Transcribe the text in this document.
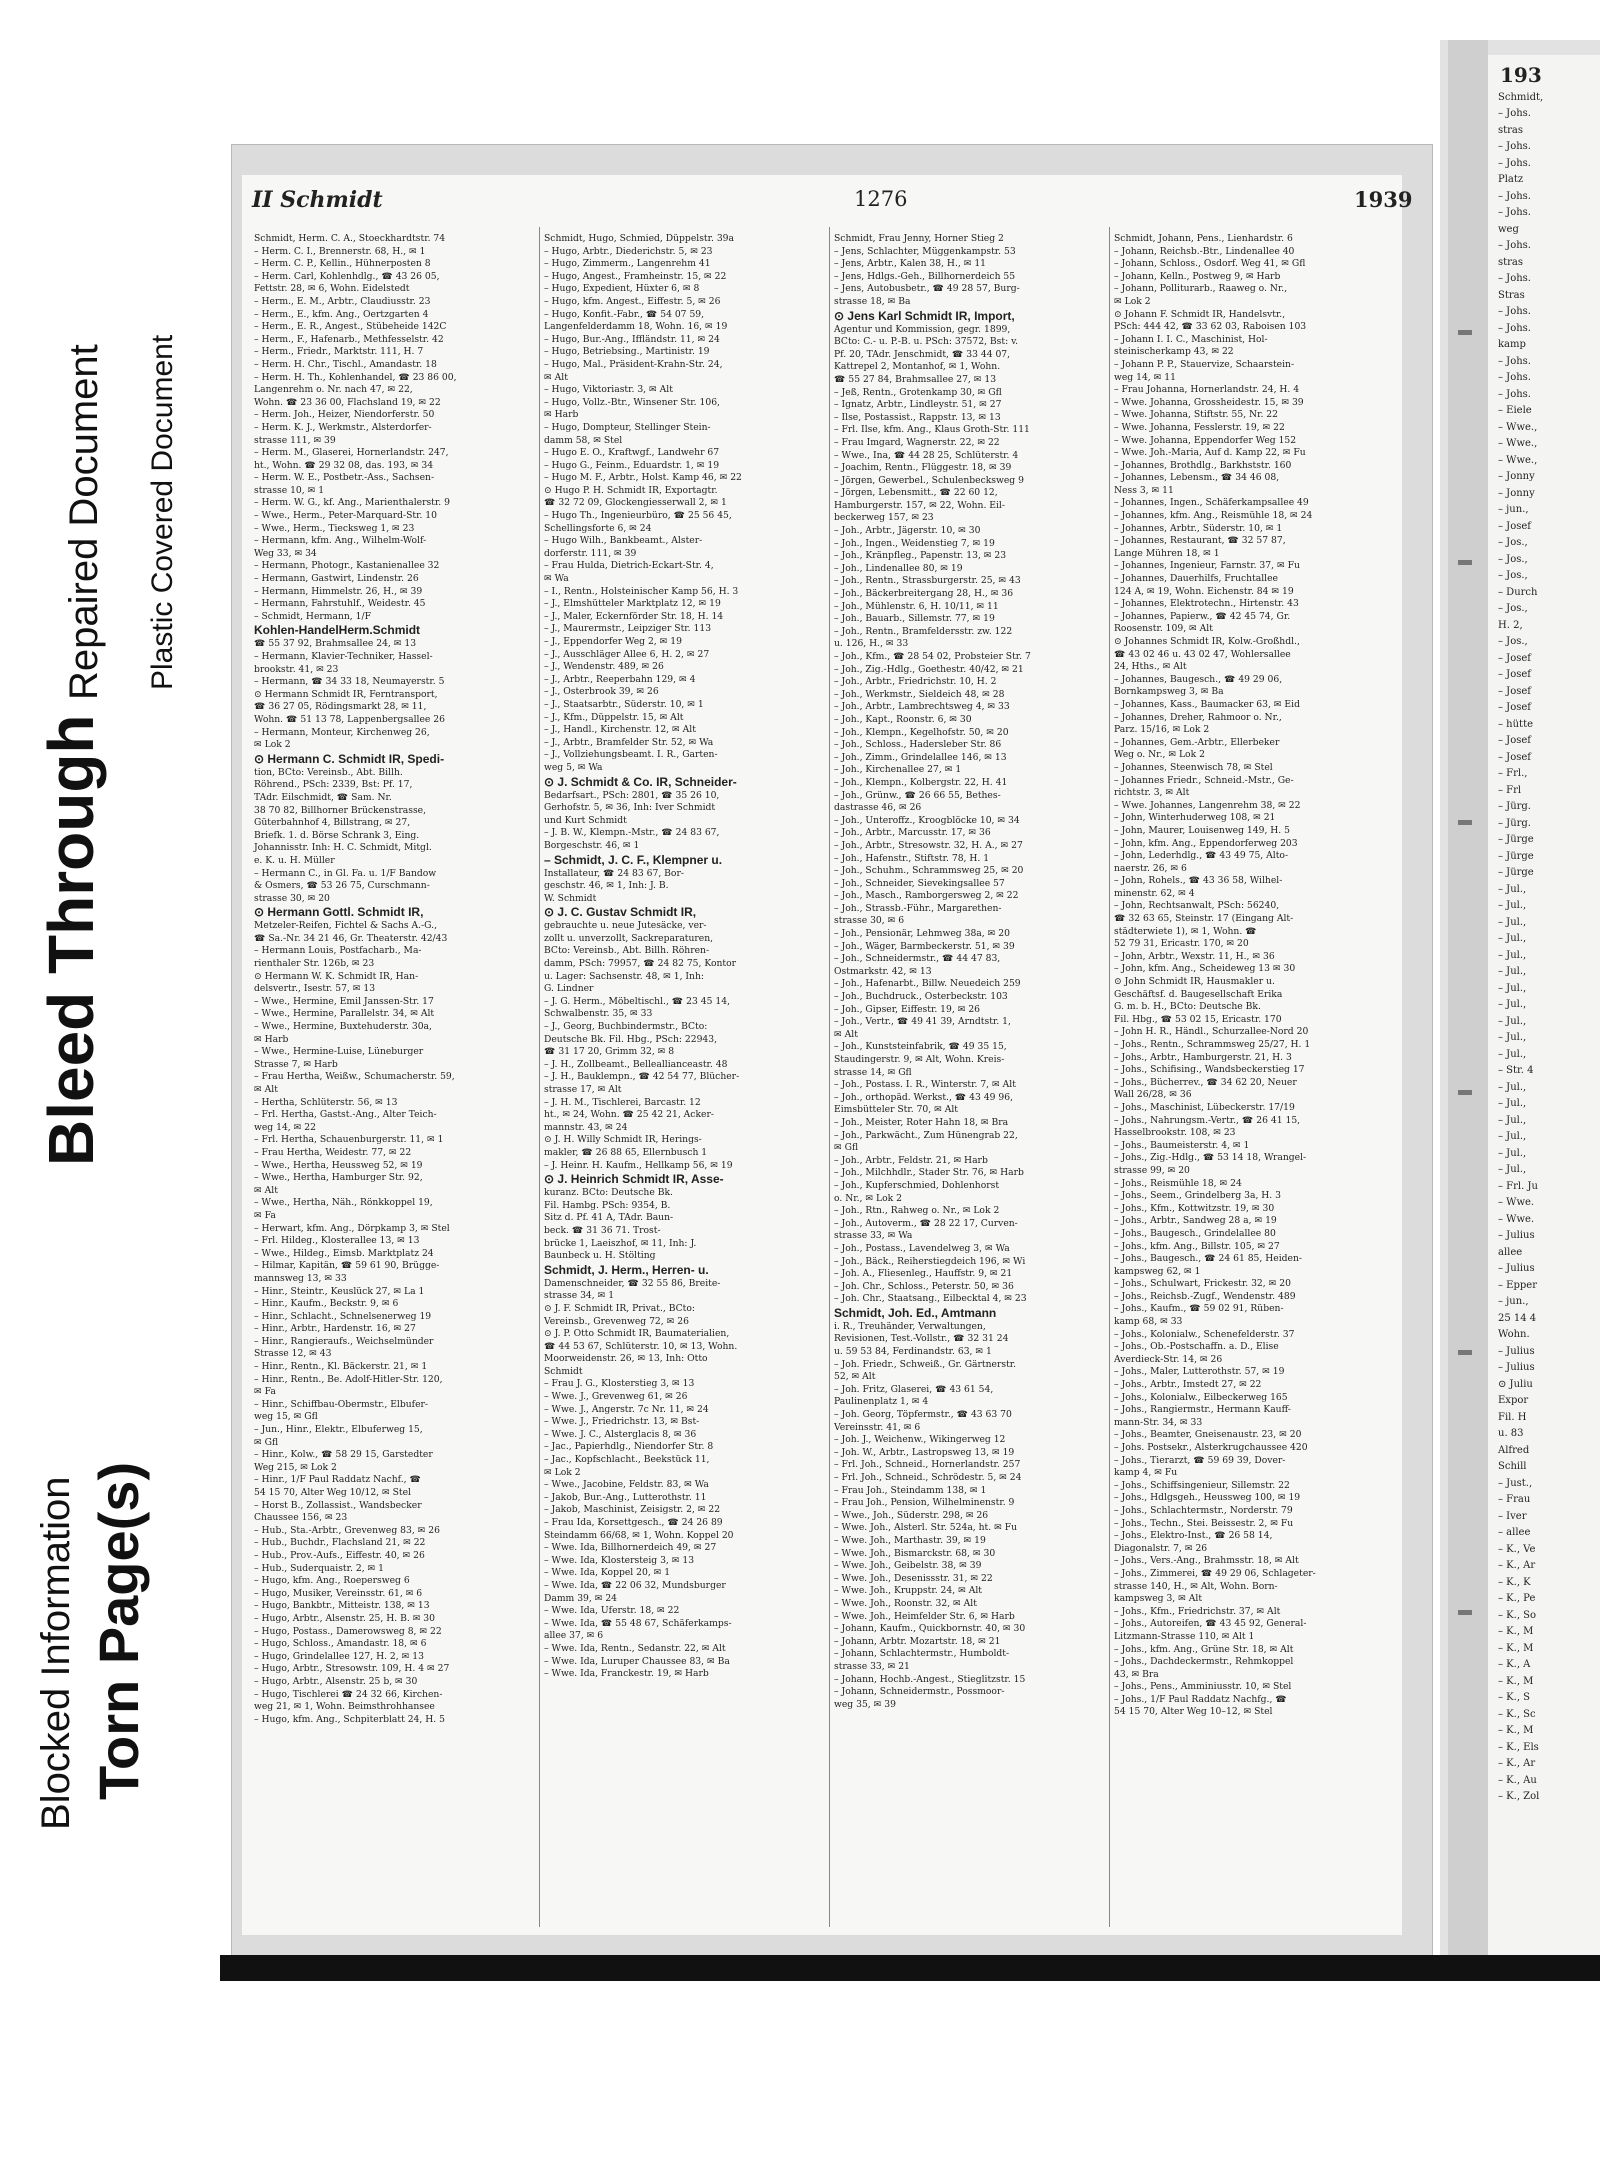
Blocked Information Torn Page(s)
Bleed Through
Repaired Document Plastic Covered Document
II Schmidt	1276	1939

Schmidt, Herm. C. A., Stoeckhardtstr. 74

– Herm. C. I., Brennerstr. 68, H., ✉ 1

– Herm. C. P., Kellin., Hühnerposten 8

– Herm. Carl, Kohlenhdlg., ☎ 43 26 05,

Fettstr. 28, ✉ 6, Wohn. Eidelstedt

– Herm., E. M., Arbtr., Claudiusstr. 23

– Herm., E., kfm. Ang., Oertzgarten 4

– Herm., E. R., Angest., Stübeheide 142C

– Herm., F., Hafenarb., Methfesselstr. 42

– Herm., Friedr., Marktstr. 111, H. 7

– Herm. H. Chr., Tischl., Amandastr. 18

– Herm. H. Th., Kohlenhandel, ☎ 23 86 00,

Langenrehm o. Nr. nach 47, ✉ 22,

Wohn. ☎ 23 36 00, Flachsland 19, ✉ 22

– Herm. Joh., Heizer, Niendorferstr. 50

– Herm. K. J., Werkmstr., Alsterdorfer-

strasse 111, ✉ 39

– Herm. M., Glaserei, Hornerlandstr. 247,

ht., Wohn. ☎ 29 32 08, das. 193, ✉ 34

– Herm. W. E., Postbetr.-Ass., Sachsen-

strasse 10, ✉ 1

– Herm. W. G., kf. Ang., Marienthalerstr. 9

– Wwe., Herm., Peter-Marquard-Str. 10

– Wwe., Herm., Tiecksweg 1, ✉ 23

– Hermann, kfm. Ang., Wilhelm-Wolf-

Weg 33, ✉ 34

– Hermann, Photogr., Kastanienallee 32

– Hermann, Gastwirt, Lindenstr. 26

– Hermann, Himmelstr. 26, H., ✉ 39

– Hermann, Fahrstuhlf., Weidestr. 45

– Schmidt, Hermann, 1/F

Kohlen-HandelHerm.Schmidt

☎ 55 37 92, Brahmsallee 24, ✉ 13

– Hermann, Klavier-Techniker, Hassel-

brookstr. 41, ✉ 23

– Hermann, ☎ 34 33 18, Neumayerstr. 5

⊙ Hermann Schmidt IR, Ferntransport,

☎ 36 27 05, Rödingsmarkt 28, ✉ 11,

Wohn. ☎ 51 13 78, Lappenbergsallee 26

– Hermann, Monteur, Kirchenweg 26,

✉ Lok 2

⊙ Hermann C. Schmidt IR, Spedi-

tion, BCto: Vereinsb., Abt. Billh.

Röhrend., PSch: 2339, Bst: Pf. 17,

TAdr. Eilschmidt, ☎ Sam. Nr.

38 70 82, Billhorner Brückenstrasse,

Güterbahnhof 4, Billstrang, ✉ 27,

Briefk. 1. d. Börse Schrank 3, Eing.

Johannisstr. Inh: H. C. Schmidt, Mitgl.

e. K. u. H. Müller

– Hermann C., in Gl. Fa. u. 1/F Bandow

& Osmers, ☎ 53 26 75, Curschmann-

strasse 30, ✉ 20

⊙ Hermann Gottl. Schmidt IR,

Metzeler-Reifen, Fichtel & Sachs A.-G.,

☎ Sa.-Nr. 34 21 46, Gr. Theaterstr. 42/43

– Hermann Louis, Postfacharb., Ma-

rienthaler Str. 126b, ✉ 23

⊙ Hermann W. K. Schmidt IR, Han-

delsvertr., Isestr. 57, ✉ 13

– Wwe., Hermine, Emil Janssen-Str. 17

– Wwe., Hermine, Parallelstr. 34, ✉ Alt

– Wwe., Hermine, Buxtehuderstr. 30a,

✉ Harb

– Wwe., Hermine-Luise, Lüneburger

Strasse 7, ✉ Harb

– Frau Hertha, Weißw., Schumacherstr. 59,

✉ Alt

– Hertha, Schlüterstr. 56, ✉ 13

– Frl. Hertha, Gastst.-Ang., Alter Teich-

weg 14, ✉ 22

– Frl. Hertha, Schauenburgerstr. 11, ✉ 1

– Frau Hertha, Weidestr. 77, ✉ 22

– Wwe., Hertha, Heussweg 52, ✉ 19

– Wwe., Hertha, Hamburger Str. 92,

✉ Alt

– Wwe., Hertha, Näh., Rönkkoppel 19,

✉ Fa

– Herwart, kfm. Ang., Dörpkamp 3, ✉ Stel

– Frl. Hildeg., Klosterallee 13, ✉ 13

– Wwe., Hildeg., Eimsb. Marktplatz 24

– Hilmar, Kapitän, ☎ 59 61 90, Brügge-

mannsweg 13, ✉ 33

– Hinr., Steintr., Keuslück 27, ✉ La 1

– Hinr., Kaufm., Beckstr. 9, ✉ 6

– Hinr., Schlacht., Schnelsenerweg 19

– Hinr., Arbtr., Hardenstr. 16, ✉ 27

– Hinr., Rangieraufs., Weichselmünder

Strasse 12, ✉ 43

– Hinr., Rentn., Kl. Bäckerstr. 21, ✉ 1

– Hinr., Rentn., Be. Adolf-Hitler-Str. 120,

✉ Fa

– Hinr., Schiffbau-Obermstr., Elbufer-

weg 15, ✉ Gfl

– Jun., Hinr., Elektr., Elbuferweg 15,

✉ Gfl

– Hinr., Kolw., ☎ 58 29 15, Garstedter

Weg 215, ✉ Lok 2

– Hinr., 1/F Paul Raddatz Nachf., ☎

54 15 70, Alter Weg 10/12, ✉ Stel

– Horst B., Zollassist., Wandsbecker

Chaussee 156, ✉ 23

– Hub., Sta.-Arbtr., Grevenweg 83, ✉ 26

– Hub., Buchdr., Flachsland 21, ✉ 22

– Hub., Prov.-Aufs., Eiffestr. 40, ✉ 26

– Hub., Suderquaistr. 2, ✉ 1

– Hugo, kfm. Ang., Roepersweg 6

– Hugo, Musiker, Vereinsstr. 61, ✉ 6

– Hugo, Bankbtr., Mitteistr. 138, ✉ 13

– Hugo, Arbtr., Alsenstr. 25, H. B. ✉ 30

– Hugo, Postass., Damerowsweg 8, ✉ 22

– Hugo, Schloss., Amandastr. 18, ✉ 6

– Hugo, Grindelallee 127, H. 2, ✉ 13

– Hugo, Arbtr., Stresowstr. 109, H. 4 ✉ 27

– Hugo, Arbtr., Alsenstr. 25 b, ✉ 30

– Hugo, Tischlerei ☎ 24 32 66, Kirchen-

weg 21, ✉ 1, Wohn. Beimsthrohhansee

– Hugo, kfm. Ang., Schpiterblatt 24, H. 5

Schmidt, Hugo, Schmied, Düppelstr. 39a

– Hugo, Arbtr., Diederichstr. 5, ✉ 23

– Hugo, Zimmerm., Langenrehm 41

– Hugo, Angest., Framheinstr. 15, ✉ 22

– Hugo, Expedient, Hüxter 6, ✉ 8

– Hugo, kfm. Angest., Eiffestr. 5, ✉ 26

– Hugo, Konfit.-Fabr., ☎ 54 07 59,

Langenfelderdamm 18, Wohn. 16, ✉ 19

– Hugo, Bur.-Ang., Iffländstr. 11, ✉ 24

– Hugo, Betriebsing., Martinistr. 19

– Hugo, Mal., Präsident-Krahn-Str. 24,

✉ Alt

– Hugo, Viktoriastr. 3, ✉ Alt

– Hugo, Vollz.-Btr., Winsener Str. 106,

✉ Harb

– Hugo, Dompteur, Stellinger Stein-

damm 58, ✉ Stel

– Hugo E. O., Kraftwgf., Landwehr 67

– Hugo G., Feinm., Eduardstr. 1, ✉ 19

– Hugo M. F., Arbtr., Holst. Kamp 46, ✉ 22

⊙ Hugo P. H. Schmidt IR, Exportagtr.

☎ 32 72 09, Glockengiesserwall 2, ✉ 1

– Hugo Th., Ingenieurbüro, ☎ 25 56 45,

Schellingsforte 6, ✉ 24

– Hugo Wilh., Bankbeamt., Alster-

dorferstr. 111, ✉ 39

– Frau Hulda, Dietrich-Eckart-Str. 4,

✉ Wa

– I., Rentn., Holsteinischer Kamp 56, H. 3

– J., Elmshütteler Marktplatz 12, ✉ 19

– J., Maler, Eckernförder Str. 18, H. 14

– J., Maurermstr., Leipziger Str. 113

– J., Eppendorfer Weg 2, ✉ 19

– J., Ausschläger Allee 6, H. 2, ✉ 27

– J., Wendenstr. 489, ✉ 26

– J., Arbtr., Reeperbahn 129, ✉ 4

– J., Osterbrook 39, ✉ 26

– J., Staatsarbtr., Süderstr. 10, ✉ 1

– J., Kfm., Düppelstr. 15, ✉ Alt

– J., Handl., Kirchenstr. 12, ✉ Alt

– J., Arbtr., Bramfelder Str. 52, ✉ Wa

– J., Vollziehungsbeamt. I. R., Garten-

weg 5, ✉ Wa

⊙ J. Schmidt & Co. IR, Schneider-

Bedarfsart., PSch: 2801, ☎ 35 26 10,

Gerhofstr. 5, ✉ 36, Inh: Iver Schmidt

und Kurt Schmidt

– J. B. W., Klempn.-Mstr., ☎ 24 83 67,

Borgeschstr. 46, ✉ 1

– Schmidt, J. C. F., Klempner u.

Installateur, ☎ 24 83 67, Bor-

geschstr. 46, ✉ 1, Inh: J. B.

W. Schmidt

⊙ J. C. Gustav Schmidt IR,

gebrauchte u. neue Jutesäcke, ver-

zollt u. unverzollt, Sackreparaturen,

BCto: Vereinsb., Abt. Billh. Röhren-

damm, PSch: 79957, ☎ 24 82 75, Kontor

u. Lager: Sachsenstr. 48, ✉ 1, Inh:

G. Lindner

– J. G. Herm., Möbeltischl., ☎ 23 45 14,

Schwalbenstr. 35, ✉ 33

– J., Georg, Buchbindermstr., BCto:

Deutsche Bk. Fil. Hbg., PSch: 22943,

☎ 31 17 20, Grimm 32, ✉ 8

– J. H., Zollbeamt., Belleallianceastr. 48

– J. H., Bauklempn., ☎ 42 54 77, Blücher-

strasse 17, ✉ Alt

– J. H. M., Tischlerei, Barcastr. 12

ht., ✉ 24, Wohn. ☎ 25 42 21, Acker-

mannstr. 43, ✉ 24

⊙ J. H. Willy Schmidt IR, Herings-

makler, ☎ 26 88 65, Ellernbusch 1

– J. Heinr. H. Kaufm., Hellkamp 56, ✉ 19

⊙ J. Heinrich Schmidt IR, Asse-

kuranz. BCto: Deutsche Bk.

Fil. Hambg. PSch: 9354, B.

Sitz d. Pf. 41 A, TAdr. Baun-

beck. ☎ 31 36 71. Trost-

brücke 1, Laeiszhof, ✉ 11, Inh: J.

Baunbeck u. H. Stölting

Schmidt, J. Herm., Herren- u.

Damenschneider, ☎ 32 55 86, Breite-

strasse 34, ✉ 1

⊙ J. F. Schmidt IR, Privat., BCto:

Vereinsb., Grevenweg 72, ✉ 26

⊙ J. P. Otto Schmidt IR, Baumaterialien,

☎ 44 53 67, Schlüterstr. 10, ✉ 13, Wohn.

Moorweidenstr. 26, ✉ 13, Inh: Otto

Schmidt

– Frau J. G., Klosterstieg 3, ✉ 13

– Wwe. J., Grevenweg 61, ✉ 26

– Wwe. J., Angerstr. 7c Nr. 11, ✉ 24

– Wwe. J., Friedrichstr. 13, ✉ Bst-

– Wwe. J. C., Alsterglacis 8, ✉ 36

– Jac., Papierhdlg., Niendorfer Str. 8

– Jac., Kopfschlacht., Beekstück 11,

✉ Lok 2

– Wwe., Jacobine, Feldstr. 83, ✉ Wa

– Jakob, Bur.-Ang., Lutterothstr. 11

– Jakob, Maschinist, Zeisigstr. 2, ✉ 22

– Frau Ida, Korsettgesch., ☎ 24 26 89

Steindamm 66/68, ✉ 1, Wohn. Koppel 20

– Wwe. Ida, Billhornerdeich 49, ✉ 27

– Wwe. Ida, Klostersteig 3, ✉ 13

– Wwe. Ida, Koppel 20, ✉ 1

– Wwe. Ida, ☎ 22 06 32, Mundsburger

Damm 39, ✉ 24

– Wwe. Ida, Uferstr. 18, ✉ 22

– Wwe. Ida, ☎ 55 48 67, Schäferkamps-

allee 37, ✉ 6

– Wwe. Ida, Rentn., Sedanstr. 22, ✉ Alt

– Wwe. Ida, Luruper Chaussee 83, ✉ Ba

– Wwe. Ida, Franckestr. 19, ✉ Harb

Schmidt, Frau Jenny, Horner Stieg 2

– Jens, Schlachter, Müggenkampstr. 53

– Jens, Arbtr., Kalen 38, H., ✉ 11

– Jens, Hdlgs.-Geh., Billhornerdeich 55

– Jens, Autobusbetr., ☎ 49 28 57, Burg-

strasse 18, ✉ Ba

⊙ Jens Karl Schmidt IR, Import,

Agentur und Kommission, gegr. 1899,

BCto: C.- u. P.-B. u. PSch: 37572, Bst: v.

Pf. 20, TAdr. Jenschmidt, ☎ 33 44 07,

Kattrepel 2, Montanhof, ✉ 1, Wohn.

☎ 55 27 84, Brahmsallee 27, ✉ 13

– Jeß, Rentn., Grotenkamp 30, ✉ Gfl

– Ignatz, Arbtr., Lindleystr. 51, ✉ 27

– Ilse, Postassist., Rappstr. 13, ✉ 13

– Frl. Ilse, kfm. Ang., Klaus Groth-Str. 111

– Frau Imgard, Wagnerstr. 22, ✉ 22

– Wwe., Ina, ☎ 44 28 25, Schlüterstr. 4

– Joachim, Rentn., Flüggestr. 18, ✉ 39

– Jörgen, Gewerbel., Schulenbecksweg 9

– Jörgen, Lebensmitt., ☎ 22 60 12,

Hamburgerstr. 157, ✉ 22, Wohn. Eil-

beckerweg 157, ✉ 23

– Joh., Arbtr., Jägerstr. 10, ✉ 30

– Joh., Ingen., Weidenstieg 7, ✉ 19

– Joh., Kränpfleg., Papenstr. 13, ✉ 23

– Joh., Lindenallee 80, ✉ 19

– Joh., Rentn., Strassburgerstr. 25, ✉ 43

– Joh., Bäckerbreitergang 28, H., ✉ 36

– Joh., Mühlenstr. 6, H. 10/11, ✉ 11

– Joh., Bauarb., Sillemstr. 77, ✉ 19

– Joh., Rentn., Bramfeldersstr. zw. 122

u. 126, H., ✉ 33

– Joh., Kfm., ☎ 28 54 02, Probsteier Str. 7

– Joh., Zig.-Hdlg., Goethestr. 40/42, ✉ 21

– Joh., Arbtr., Friedrichstr. 10, H. 2

– Joh., Werkmstr., Sieldeich 48, ✉ 28

– Joh., Arbtr., Lambrechtsweg 4, ✉ 33

– Joh., Kapt., Roonstr. 6, ✉ 30

– Joh., Klempn., Kegelhofstr. 50, ✉ 20

– Joh., Schloss., Hadersleber Str. 86

– Joh., Zimm., Grindelallee 146, ✉ 13

– Joh., Kirchenallee 27, ✉ 1

– Joh., Klempn., Kolbergstr. 22, H. 41

– Joh., Grünw., ☎ 26 66 55, Bethes-

dastrasse 46, ✉ 26

– Joh., Unteroffz., Kroogblöcke 10, ✉ 34

– Joh., Arbtr., Marcusstr. 17, ✉ 36

– Joh., Arbtr., Stresowstr. 32, H. A., ✉ 27

– Joh., Hafenstr., Stiftstr. 78, H. 1

– Joh., Schuhm., Schrammsweg 25, ✉ 20

– Joh., Schneider, Sievekingsallee 57

– Joh., Masch., Ramborgersweg 2, ✉ 22

– Joh., Strassb.-Führ., Margarethen-

strasse 30, ✉ 6

– Joh., Pensionär, Lehmweg 38a, ✉ 20

– Joh., Wäger, Barmbeckerstr. 51, ✉ 39

– Joh., Schneidermstr., ☎ 44 47 83,

Ostmarkstr. 42, ✉ 13

– Joh., Hafenarbt., Billw. Neuedeich 259

– Joh., Buchdruck., Osterbeckstr. 103

– Joh., Gipser, Eiffestr. 19, ✉ 26

– Joh., Vertr., ☎ 49 41 39, Arndtstr. 1,

✉ Alt

– Joh., Kunststeinfabrik, ☎ 49 35 15,

Staudingerstr. 9, ✉ Alt, Wohn. Kreis-

strasse 14, ✉ Gfl

– Joh., Postass. I. R., Winterstr. 7, ✉ Alt

– Joh., orthopäd. Werkst., ☎ 43 49 96,

Eimsbütteler Str. 70, ✉ Alt

– Joh., Meister, Roter Hahn 18, ✉ Bra

– Joh., Parkwächt., Zum Hünengrab 22,

✉ Gfl

– Joh., Arbtr., Feldstr. 21, ✉ Harb

– Joh., Milchhdlr., Stader Str. 76, ✉ Harb

– Joh., Kupferschmied, Dohlenhorst

o. Nr., ✉ Lok 2

– Joh., Rtn., Rahweg o. Nr., ✉ Lok 2

– Joh., Autoverm., ☎ 28 22 17, Curven-

strasse 33, ✉ Wa

– Joh., Postass., Lavendelweg 3, ✉ Wa

– Joh., Bäck., Reiherstiegdeich 196, ✉ Wi

– Joh. A., Fliesenleg., Hauffstr. 9, ✉ 21

– Joh. Chr., Schloss., Peterstr. 50, ✉ 36

– Joh. Chr., Staatsang., Eilbecktal 4, ✉ 23

Schmidt, Joh. Ed., Amtmann

i. R., Treuhänder, Verwaltungen,

Revisionen, Test.-Vollstr., ☎ 32 31 24

u. 59 53 84, Ferdinandstr. 63, ✉ 1

– Joh. Friedr., Schweiß., Gr. Gärtnerstr.

52, ✉ Alt

– Joh. Fritz, Glaserei, ☎ 43 61 54,

Paulinenplatz 1, ✉ 4

– Joh. Georg, Töpfermstr., ☎ 43 63 70

Vereinsstr. 41, ✉ 6

– Joh. J., Weichenw., Wikingerweg 12

– Joh. W., Arbtr., Lastropsweg 13, ✉ 19

– Frl. Joh., Schneid., Hornerlandstr. 257

– Frl. Joh., Schneid., Schrödestr. 5, ✉ 24

– Frau Joh., Steindamm 138, ✉ 1

– Frau Joh., Pension, Wilhelminenstr. 9

– Wwe., Joh., Süderstr. 298, ✉ 26

– Wwe. Joh., Alsterl. Str. 524a, ht. ✉ Fu

– Wwe. Joh., Marthastr. 39, ✉ 19

– Wwe. Joh., Bismarckstr. 68, ✉ 30

– Wwe. Joh., Geibelstr. 38, ✉ 39

– Wwe. Joh., Desenissstr. 31, ✉ 22

– Wwe. Joh., Kruppstr. 24, ✉ Alt

– Wwe. Joh., Roonstr. 32, ✉ Alt

– Wwe. Joh., Heimfelder Str. 6, ✉ Harb

– Johann, Kaufm., Quickbornstr. 40, ✉ 30

– Johann, Arbtr. Mozartstr. 18, ✉ 21

– Johann, Schlachtermstr., Humboldt-

strasse 33, ✉ 21

– Johann, Hochb.-Angest., Stieglitzstr. 15

– Johann, Schneidermstr., Possmoor-

weg 35, ✉ 39

Schmidt, Johann, Pens., Lienhardstr. 6

– Johann, Reichsb.-Btr., Lindenallee 40

– Johann, Schloss., Osdorf. Weg 41, ✉ Gfl

– Johann, Kelln., Postweg 9, ✉ Harb

– Johann, Polliturarb., Raaweg o. Nr.,

✉ Lok 2

⊙ Johann F. Schmidt IR, Handelsvtr.,

PSch: 444 42, ☎ 33 62 03, Raboisen 103

– Johann I. I. C., Maschinist, Hol-

steinischerkamp 43, ✉ 22

– Johann P. P., Stauervize, Schaarstein-

weg 14, ✉ 11

– Frau Johanna, Hornerlandstr. 24, H. 4

– Wwe. Johanna, Grossheidestr. 15, ✉ 39

– Wwe. Johanna, Stiftstr. 55, Nr. 22

– Wwe. Johanna, Fesslerstr. 19, ✉ 22

– Wwe. Johanna, Eppendorfer Weg 152

– Wwe. Joh.-Maria, Auf d. Kamp 22, ✉ Fu

– Johannes, Brothdlg., Barkhststr. 160

– Johannes, Lebensm., ☎ 34 46 08,

Ness 3, ✉ 11

– Johannes, Ingen., Schäferkampsallee 49

– Johannes, kfm. Ang., Reismühle 18, ✉ 24

– Johannes, Arbtr., Süderstr. 10, ✉ 1

– Johannes, Restaurant, ☎ 32 57 87,

Lange Mühren 18, ✉ 1

– Johannes, Ingenieur, Farnstr. 37, ✉ Fu

– Johannes, Dauerhilfs, Fruchtallee

124 A, ✉ 19, Wohn. Eichenstr. 84 ✉ 19

– Johannes, Elektrotechn., Hirtenstr. 43

– Johannes, Papierw., ☎ 42 45 74, Gr.

Roosenstr. 109, ✉ Alt

⊙ Johannes Schmidt IR, Kolw.-Großhdl.,

☎ 43 02 46 u. 43 02 47, Wohlersallee

24, Hths., ✉ Alt

– Johannes, Baugesch., ☎ 49 29 06,

Bornkampsweg 3, ✉ Ba

– Johannes, Kass., Baumacker 63, ✉ Eid

– Johannes, Dreher, Rahmoor o. Nr.,

Parz. 15/16, ✉ Lok 2

– Johannes, Gem.-Arbtr., Ellerbeker

Weg o. Nr., ✉ Lok 2

– Johannes, Steenwisch 78, ✉ Stel

– Johannes Friedr., Schneid.-Mstr., Ge-

richtstr. 3, ✉ Alt

– Wwe. Johannes, Langenrehm 38, ✉ 22

– John, Winterhuderweg 108, ✉ 21

– John, Maurer, Louisenweg 149, H. 5

– John, kfm. Ang., Eppendorferweg 203

– John, Lederhdlg., ☎ 43 49 75, Alto-

naerstr. 26, ✉ 6

– John, Rohels., ☎ 43 36 58, Wilhel-

minenstr. 62, ✉ 4

– John, Rechtsanwalt, PSch: 56240,

☎ 32 63 65, Steinstr. 17 (Eingang Alt-

städterwiete 1), ✉ 1, Wohn. ☎

52 79 31, Ericastr. 170, ✉ 20

– John, Arbtr., Wexstr. 11, H., ✉ 36

– John, kfm. Ang., Scheideweg 13 ✉ 30

⊙ John Schmidt IR, Hausmakler u.

Geschäftsf. d. Baugesellschaft Erika

G. m. b. H., BCto: Deutsche Bk.

Fil. Hbg., ☎ 53 02 15, Ericastr. 170

– John H. R., Händl., Schurzallee-Nord 20

– Johs., Rentn., Schrammsweg 25/27, H. 1

– Johs., Arbtr., Hamburgerstr. 21, H. 3

– Johs., Schifising., Wandsbeckerstieg 17

– Johs., Bücherrev., ☎ 34 62 20, Neuer

Wall 26/28, ✉ 36

– Johs., Maschinist, Lübeckerstr. 17/19

– Johs., Nahrungsm.-Vertr., ☎ 26 41 15,

Hasselbrookstr. 108, ✉ 23

– Johs., Baumeisterstr. 4, ✉ 1

– Johs., Zig.-Hdlg., ☎ 53 14 18, Wrangel-

strasse 99, ✉ 20

– Johs., Reismühle 18, ✉ 24

– Johs., Seem., Grindelberg 3a, H. 3

– Johs., Kfm., Kottwitzstr. 19, ✉ 30

– Johs., Arbtr., Sandweg 28 a, ✉ 19

– Johs., Baugesch., Grindelallee 80

– Johs., kfm. Ang., Billstr. 105, ✉ 27

– Johs., Baugesch., ☎ 24 61 85, Heiden-

kampsweg 62, ✉ 1

– Johs., Schulwart, Frickestr. 32, ✉ 20

– Johs., Reichsb.-Zugf., Wendenstr. 489

– Johs., Kaufm., ☎ 59 02 91, Rüben-

kamp 68, ✉ 33

– Johs., Kolonialw., Schenefelderstr. 37

– Johs., Ob.-Postschaffn. a. D., Elise

Averdieck-Str. 14, ✉ 26

– Johs., Maler, Lutterothstr. 57, ✉ 19

– Johs., Arbtr., Imstedt 27, ✉ 22

– Johs., Kolonialw., Eilbeckerweg 165

– Johs., Rangiermstr., Hermann Kauff-

mann-Str. 34, ✉ 33

– Johs., Beamter, Gneisenaustr. 23, ✉ 20

– Johs. Postsekr., Alsterkrugchaussee 420

– Johs., Tierarzt, ☎ 59 69 39, Dover-

kamp 4, ✉ Fu

– Johs., Schiffsingenieur, Sillemstr. 22

– Johs., Hdlgsgeh., Heussweg 100, ✉ 19

– Johs., Schlachtermstr., Norderstr. 79

– Johs., Techn., Stei. Beissestr. 2, ✉ Fu

– Johs., Elektro-Inst., ☎ 26 58 14,

Diagonalstr. 7, ✉ 26

– Johs., Vers.-Ang., Brahmsstr. 18, ✉ Alt

– Johs., Zimmerei, ☎ 49 29 06, Schlageter-

strasse 140, H., ✉ Alt, Wohn. Born-

kampsweg 3, ✉ Alt

– Johs., Kfm., Friedrichstr. 37, ✉ Alt

– Johs., Autoreifen, ☎ 43 45 92, General-

Litzmann-Strasse 110, ✉ Alt 1

– Johs., kfm. Ang., Grüne Str. 18, ✉ Alt

– Johs., Dachdeckermstr., Rehmkoppel

43, ✉ Bra

– Johs., Pens., Amminiusstr. 10, ✉ Stel

– Johs., 1/F Paul Raddatz Nachfg., ☎

54 15 70, Alter Weg 10–12, ✉ Stel

193

Schmidt,

– Johs.

stras

– Johs.

– Johs.

Platz

– Johs.

– Johs.

weg

– Johs.

stras

– Johs.

Stras

– Johs.

– Johs.

kamp

– Johs.

– Johs.

– Johs.

– Eiele

– Wwe.,

– Wwe.,

– Wwe.,

– Jonny

– Jonny

– jun.,

– Josef

– Jos.,

– Jos.,

– Jos.,

– Durch

– Jos.,

H. 2,

– Jos.,

– Josef

– Josef

– Josef

– Josef

– hütte

– Josef

– Josef

– Frl.,

– Frl

– Jürg.

– Jürg.

– Jürge

– Jürge

– Jürge

– Jul.,

– Jul.,

– Jul.,

– Jul.,

– Jul.,

– Jul.,

– Jul.,

– Jul.,

– Jul.,

– Jul.,

– Jul.,

– Str. 4

– Jul.,

– Jul.,

– Jul.,

– Jul.,

– Jul.,

– Jul.,

– Frl. Ju

– Wwe.

– Wwe.

– Julius

allee

– Julius

– Epper

– jun.,

25 14 4

Wohn.

– Julius

– Julius

⊙ Juliu

Expor

Fil. H

u. 83

Alfred

Schill

– Just.,

– Frau

– Iver

– allee

– K., Ve

– K., Ar

– K., K

– K., Pe

– K., So

– K., M

– K., M

– K., A

– K., M

– K., S

– K., Sc

– K., M

– K., Els

– K., Ar

– K., Au

– K., Zol
